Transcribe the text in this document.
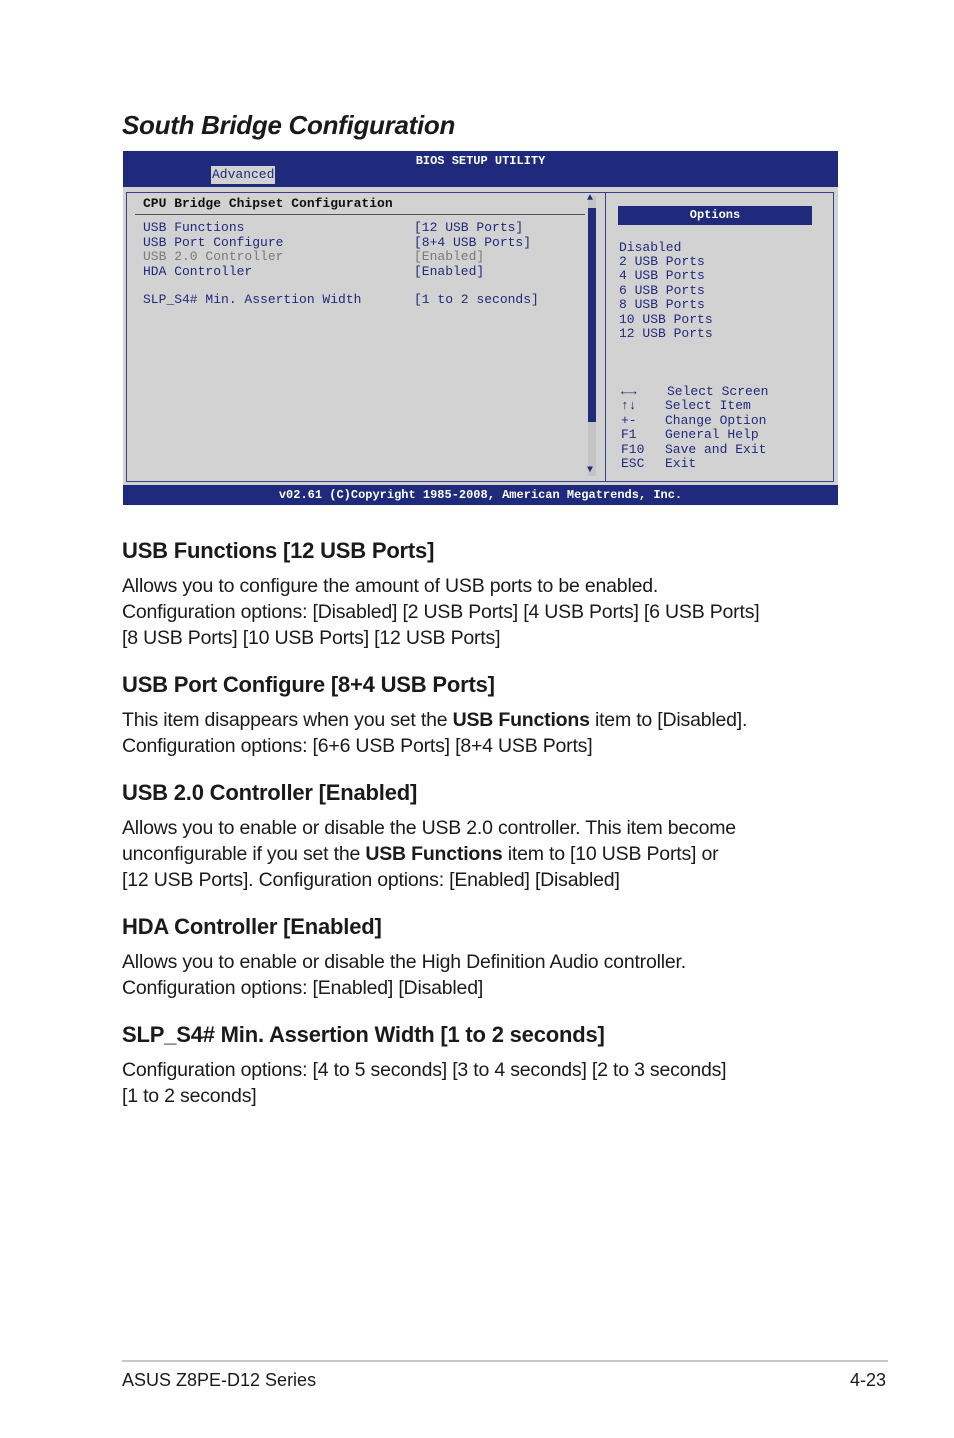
South Bridge Configuration
BIOS SETUP UTILITY
Advanced
CPU Bridge Chipset Configuration
USB Functions	[12 USB Ports]
USB Port Configure	[8+4 USB Ports]
USB 2.0 Controller	[Enabled]
HDA Controller	[Enabled]
SLP_S4# Min. Assertion Width	[1 to 2 seconds]
▲
▼
Options
Disabled
2 USB Ports
4 USB Ports
6 USB Ports
8 USB Ports
10 USB Ports
12 USB Ports
←→ Select Screen
↑↓ Select Item
+- Change Option
F1 General Help
F10 Save and Exit
ESC Exit
v02.61 (C)Copyright 1985-2008, American Megatrends, Inc.
USB Functions [12 USB Ports]
Allows you to configure the amount of USB ports to be enabled.
Configuration options: [Disabled] [2 USB Ports] [4 USB Ports] [6 USB Ports]
[8 USB Ports] [10 USB Ports] [12 USB Ports]
USB Port Configure [8+4 USB Ports]
This item disappears when you set the USB Functions item to [Disabled].
Configuration options: [6+6 USB Ports] [8+4 USB Ports]
USB 2.0 Controller [Enabled]
Allows you to enable or disable the USB 2.0 controller. This item become
unconfigurable if you set the USB Functions item to [10 USB Ports] or
[12 USB Ports]. Configuration options: [Enabled] [Disabled]
HDA Controller [Enabled]
Allows you to enable or disable the High Definition Audio controller.
Configuration options: [Enabled] [Disabled]
SLP_S4# Min. Assertion Width [1 to 2 seconds]
Configuration options: [4 to 5 seconds] [3 to 4 seconds] [2 to 3 seconds]
[1 to 2 seconds]
ASUS Z8PE-D12 Series	4-23
